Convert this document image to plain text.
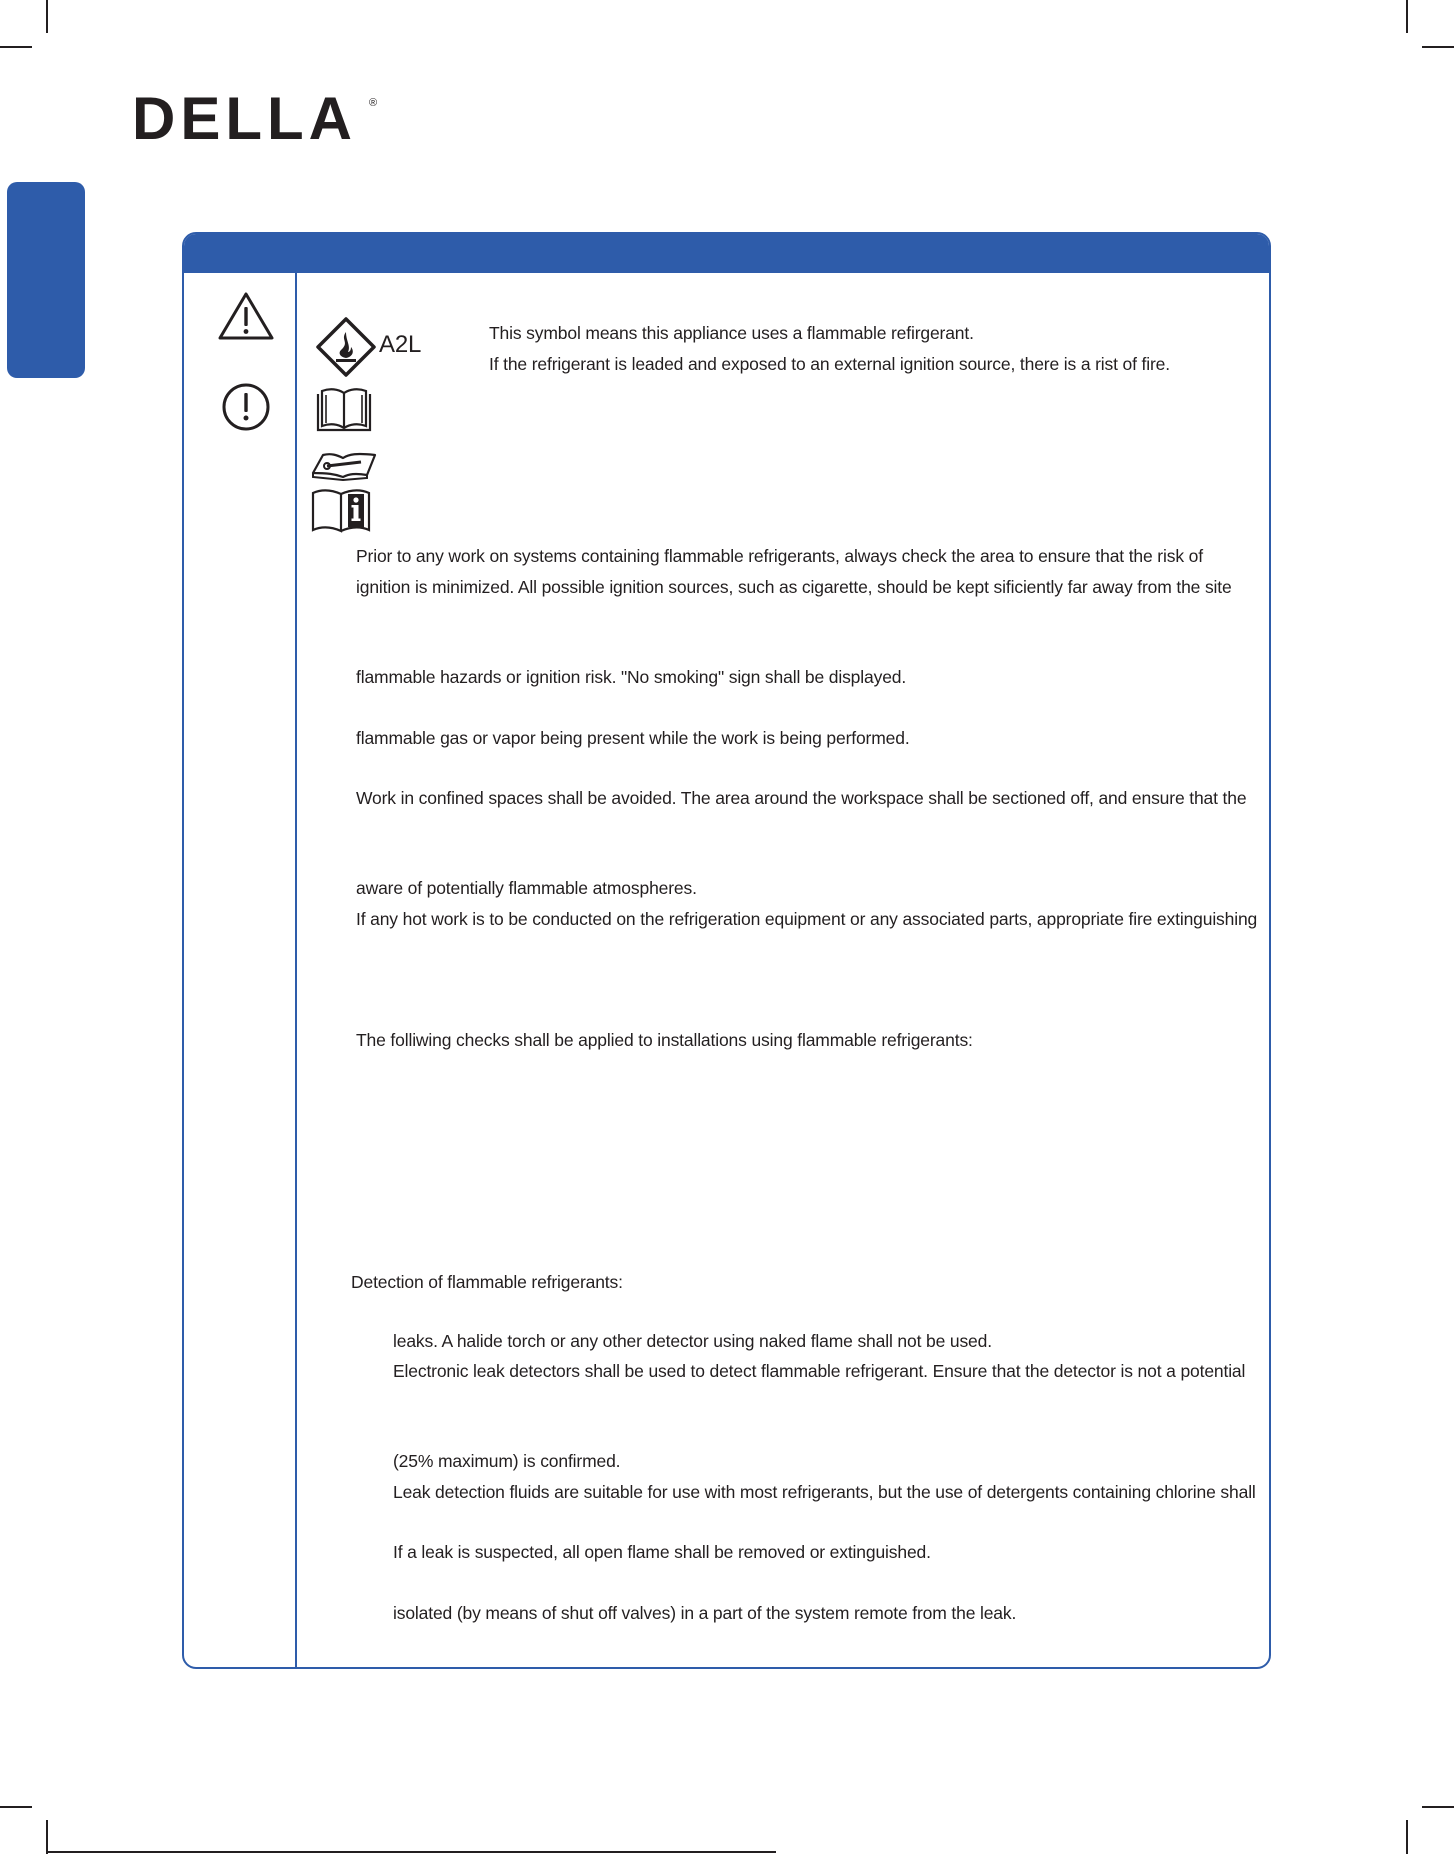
DELLA ®
A2L	This symbol means this appliance uses a flammable refirgerant.
If the refrigerant is leaded and exposed to an external ignition source, there is a rist of fire.
Prior to any work on systems containing flammable refrigerants, always check the area to ensure that the risk of
ignition is minimized. All possible ignition sources, such as cigarette, should be kept sificiently far away from the site
flammable hazards or ignition risk. "No smoking" sign shall be displayed.
flammable gas or vapor being present while the work is being performed.
Work in confined spaces shall be avoided. The area around the workspace shall be sectioned off, and ensure that the
aware of potentially flammable atmospheres.
If any hot work is to be conducted on the refrigeration equipment or any associated parts, appropriate fire extinguishing
The folliwing checks shall be applied to installations using flammable refrigerants:
Detection of flammable refrigerants:
leaks. A halide torch or any other detector using naked flame shall not be used.
Electronic leak detectors shall be used to detect flammable refrigerant. Ensure that the detector is not a potential
(25% maximum) is confirmed.
Leak detection fluids are suitable for use with most refrigerants, but the use of detergents containing chlorine shall
If a leak is suspected, all open flame shall be removed or extinguished.
isolated (by means of shut off valves) in a part of the system remote from the leak.
